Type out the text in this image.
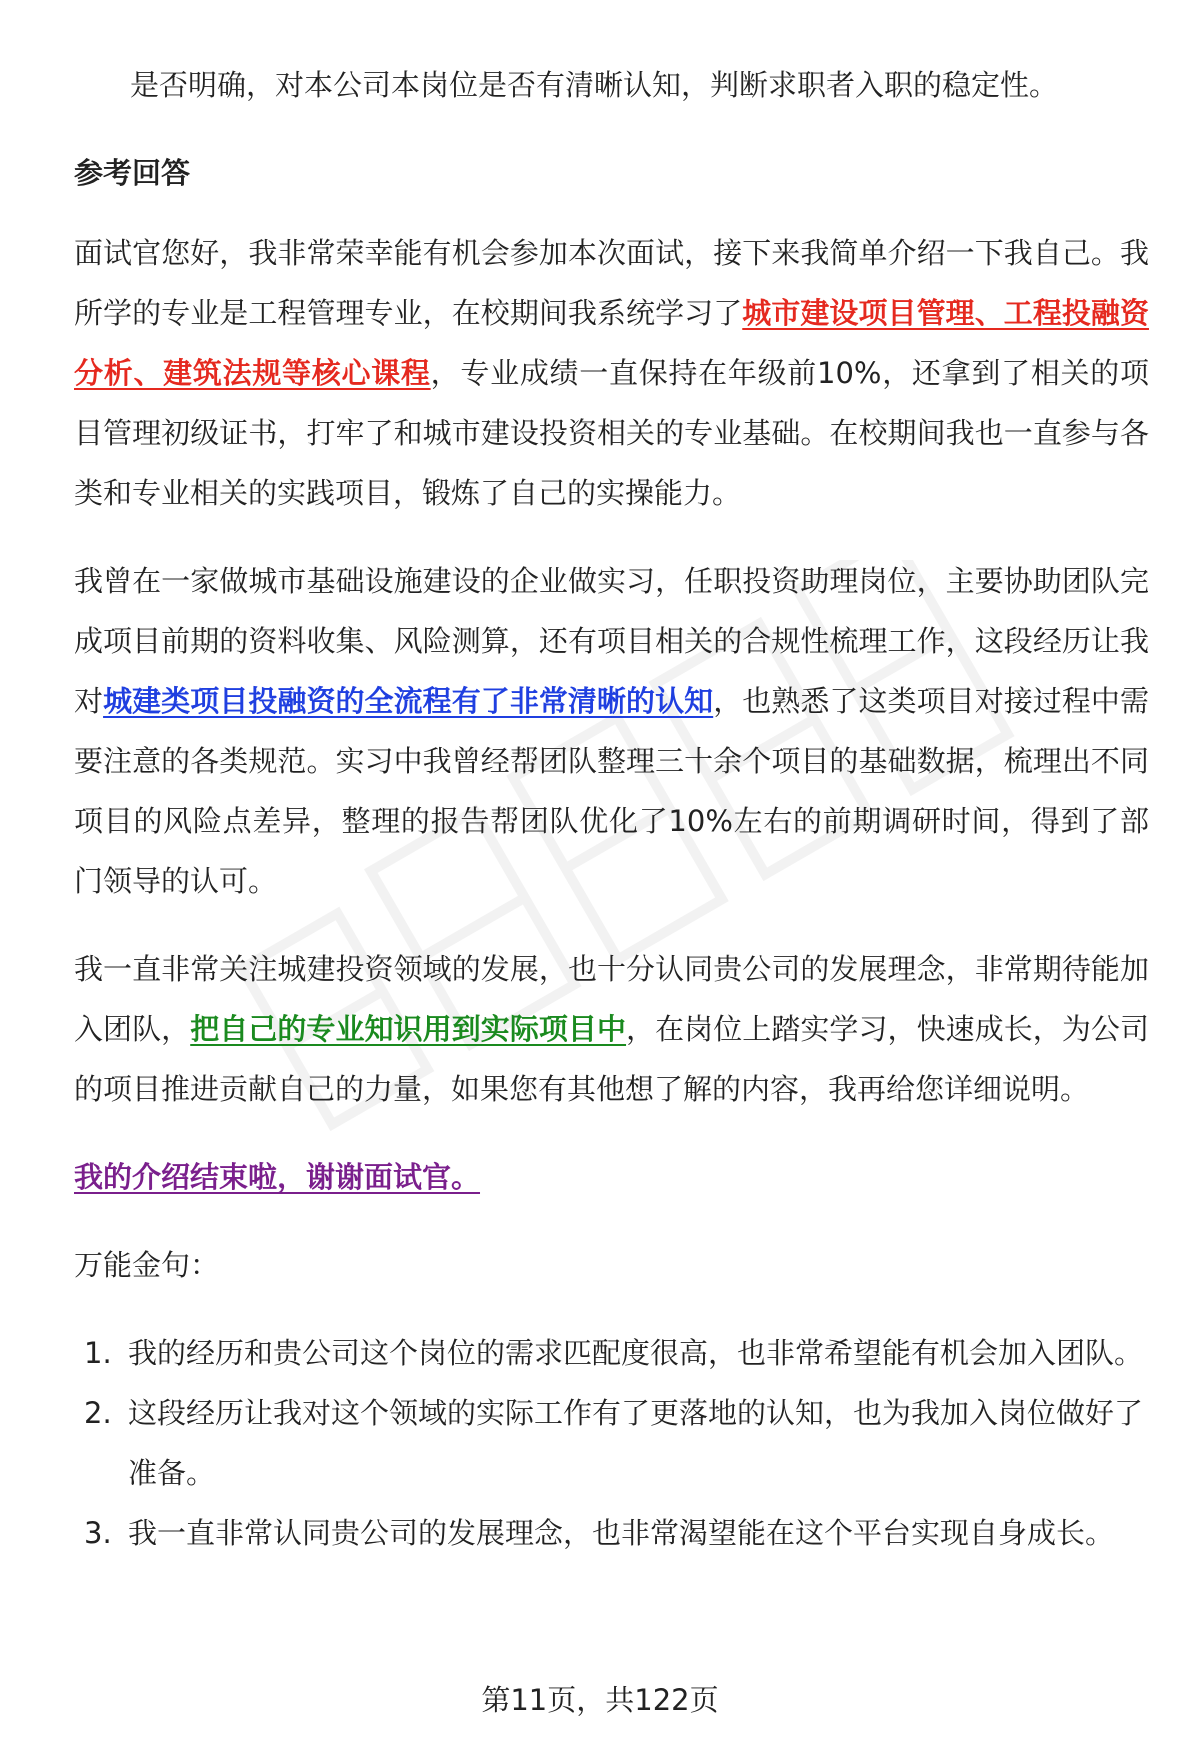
是否明确，对本公司本岗位是否有清晰认知，判断求职者入职的稳定性。

参考回答

面试官您好，我非常荣幸能有机会参加本次面试，接下来我简单介绍一下我自己。我所学的专业是工程管理专业，在校期间我系统学习了城市建设项目管理、工程投融资分析、建筑法规等核心课程，专业成绩一直保持在年级前10%，还拿到了相关的项目管理初级证书，打牢了和城市建设投资相关的专业基础。在校期间我也一直参与各类和专业相关的实践项目，锻炼了自己的实操能力。

我曾在一家做城市基础设施建设的企业做实习，任职投资助理岗位，主要协助团队完成项目前期的资料收集、风险测算，还有项目相关的合规性梳理工作，这段经历让我对城建类项目投融资的全流程有了非常清晰的认知，也熟悉了这类项目对接过程中需要注意的各类规范。实习中我曾经帮团队整理三十余个项目的基础数据，梳理出不同项目的风险点差异，整理的报告帮团队优化了10%左右的前期调研时间，得到了部门领导的认可。

我一直非常关注城建投资领域的发展，也十分认同贵公司的发展理念，非常期待能加入团队，把自己的专业知识用到实际项目中，在岗位上踏实学习，快速成长，为公司的项目推进贡献自己的力量，如果您有其他想了解的内容，我再给您详细说明。

我的介绍结束啦，谢谢面试官。

万能金句：

1. 我的经历和贵公司这个岗位的需求匹配度很高，也非常希望能有机会加入团队。
2. 这段经历让我对这个领域的实际工作有了更落地的认知，也为我加入岗位做好了准备。
3. 我一直非常认同贵公司的发展理念，也非常渴望能在这个平台实现自身成长。
第11页，共122页
